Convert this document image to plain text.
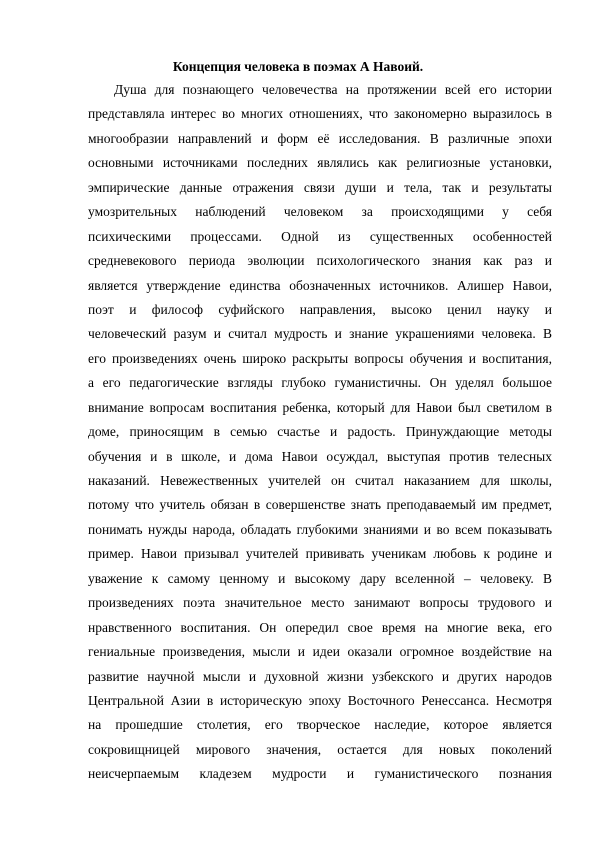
Концепция человека в поэмах А Навоий.
Душа для познающего человечества на протяжении всей его истории
представляла интерес во многих отношениях, что закономерно выразилось в
многообразии направлений и форм её исследования. В различные эпохи
основными источниками последних являлись как религиозные установки,
эмпирические данные отражения связи души и тела, так и результаты
умозрительных наблюдений человеком за происходящими у себя
психическими процессами. Одной из существенных особенностей
средневекового периода эволюции психологического знания как раз и
является утверждение единства обозначенных источников. Алишер Навои,
поэт и философ суфийского направления, высоко ценил науку и
человеческий разум и считал мудрость и знание украшениями человека. В
его произведениях очень широко раскрыты вопросы обучения и воспитания,
а его педагогические взгляды глубоко гуманистичны. Он уделял большое
внимание вопросам воспитания ребенка, который для Навои был светилом в
доме, приносящим в семью счастье и радость. Принуждающие методы
обучения и в школе, и дома Навои осуждал, выступая против телесных
наказаний. Невежественных учителей он считал наказанием для школы,
потому что учитель обязан в совершенстве знать преподаваемый им предмет,
понимать нужды народа, обладать глубокими знаниями и во всем показывать
пример. Навои призывал учителей прививать ученикам любовь к родине и
уважение к самому ценному и высокому дару вселенной – человеку. В
произведениях поэта значительное место занимают вопросы трудового и
нравственного воспитания. Он опередил свое время на многие века, его
гениальные произведения, мысли и идеи оказали огромное воздействие на
развитие научной мысли и духовной жизни узбекского и других народов
Центральной Азии в историческую эпоху Восточного Ренессанса. Несмотря
на прошедшие столетия, его творческое наследие, которое является
сокровищницей мирового значения, остается для новых поколений
неисчерпаемым кладезем мудрости и гуманистического познания
